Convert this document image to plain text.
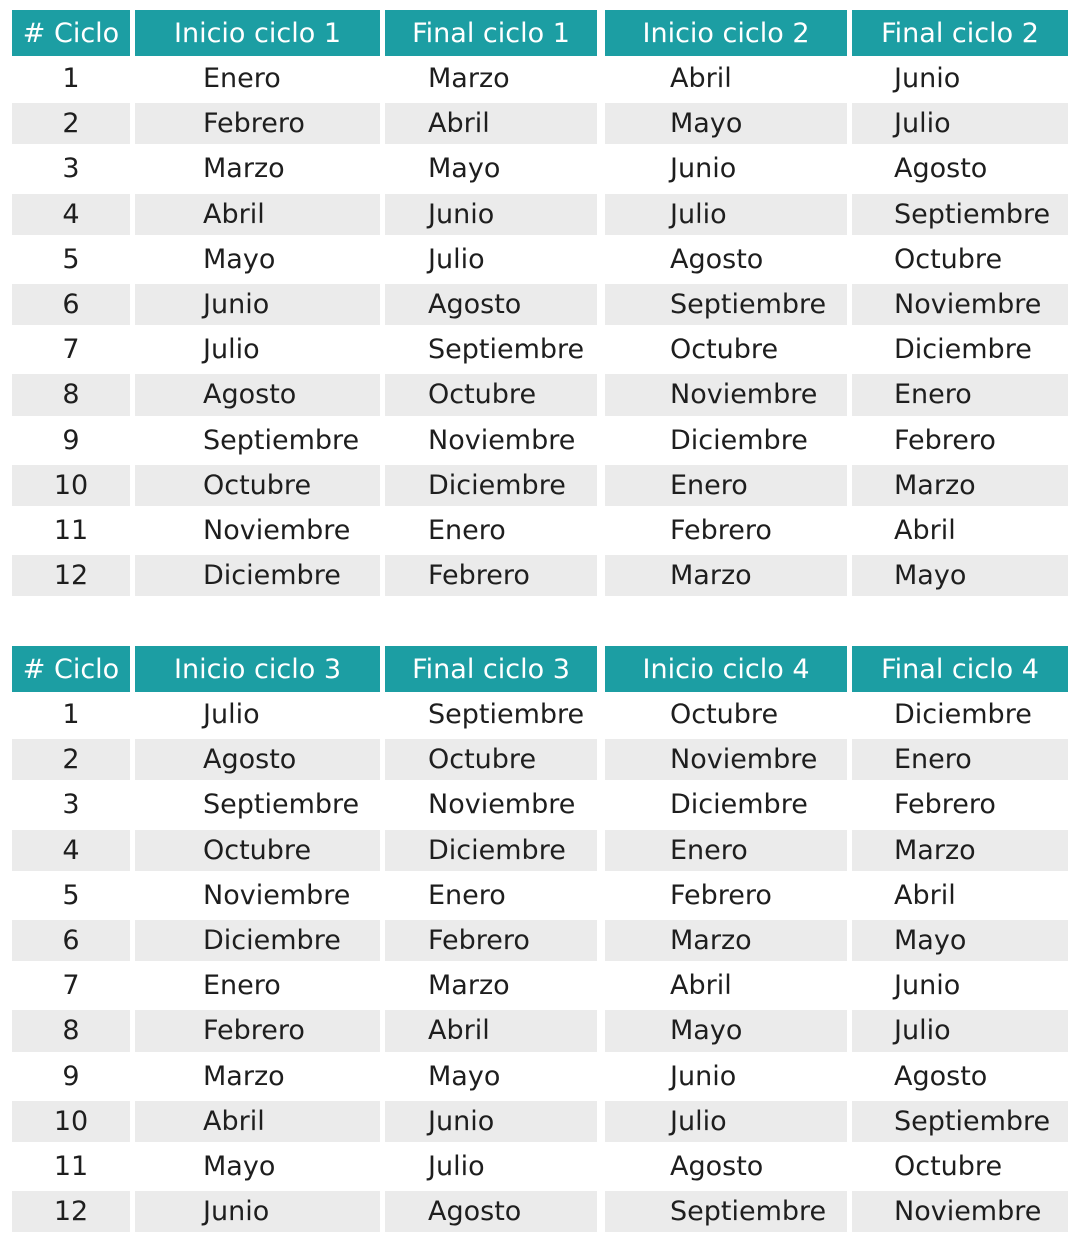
# Ciclo	Inicio ciclo 1	Final ciclo 1	Inicio ciclo 2	Final ciclo 2
1	Enero	Marzo	Abril	Junio
2	Febrero	Abril	Mayo	Julio
3	Marzo	Mayo	Junio	Agosto
4	Abril	Junio	Julio	Septiembre
5	Mayo	Julio	Agosto	Octubre
6	Junio	Agosto	Septiembre	Noviembre
7	Julio	Septiembre	Octubre	Diciembre
8	Agosto	Octubre	Noviembre	Enero
9	Septiembre	Noviembre	Diciembre	Febrero
10	Octubre	Diciembre	Enero	Marzo
11	Noviembre	Enero	Febrero	Abril
12	Diciembre	Febrero	Marzo	Mayo
# Ciclo	Inicio ciclo 3	Final ciclo 3	Inicio ciclo 4	Final ciclo 4
1	Julio	Septiembre	Octubre	Diciembre
2	Agosto	Octubre	Noviembre	Enero
3	Septiembre	Noviembre	Diciembre	Febrero
4	Octubre	Diciembre	Enero	Marzo
5	Noviembre	Enero	Febrero	Abril
6	Diciembre	Febrero	Marzo	Mayo
7	Enero	Marzo	Abril	Junio
8	Febrero	Abril	Mayo	Julio
9	Marzo	Mayo	Junio	Agosto
10	Abril	Junio	Julio	Septiembre
11	Mayo	Julio	Agosto	Octubre
12	Junio	Agosto	Septiembre	Noviembre
